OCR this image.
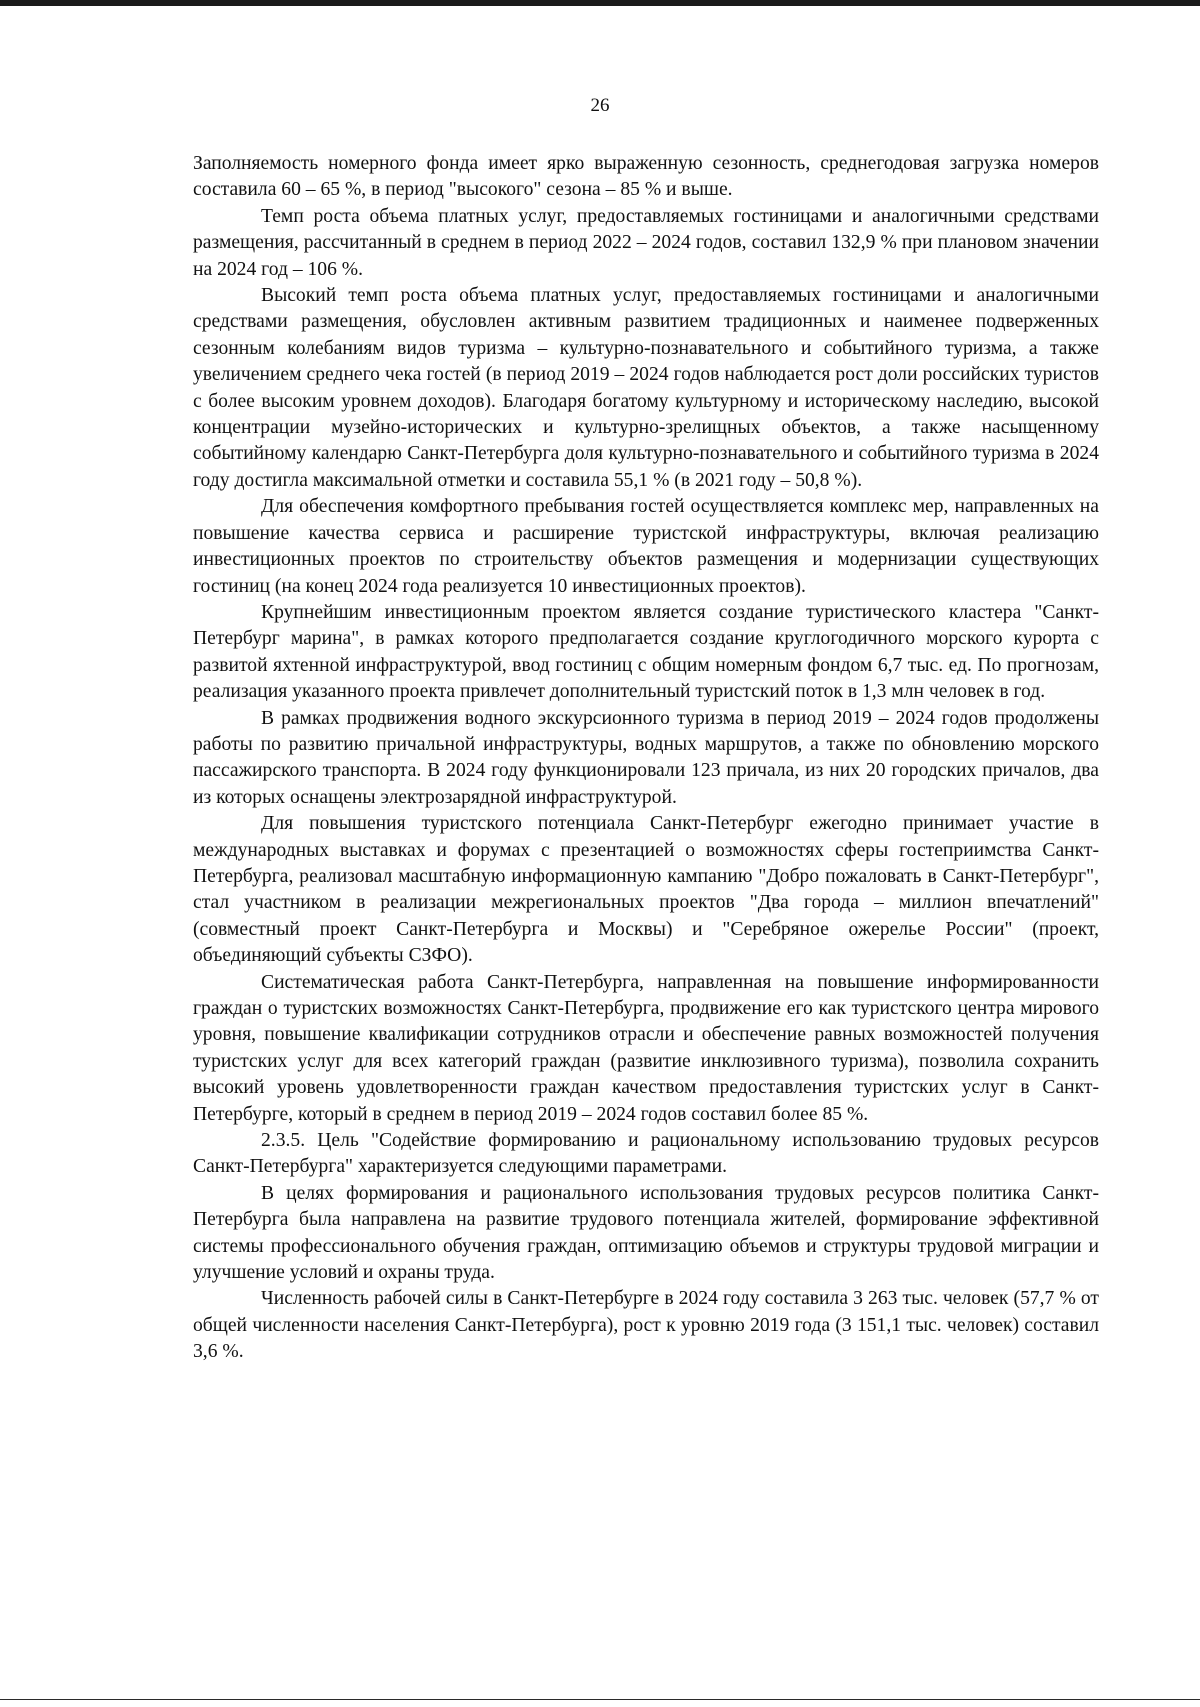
26

Заполняемость номерного фонда имеет ярко выраженную сезонность, среднегодовая загрузка номеров составила 60 – 65 %, в период "высокого" сезона – 85 % и выше.

Темп роста объема платных услуг, предоставляемых гостиницами и аналогичными средствами размещения, рассчитанный в среднем в период 2022 – 2024 годов, составил 132,9 % при плановом значении на 2024 год – 106 %.

Высокий темп роста объема платных услуг, предоставляемых гостиницами и аналогичными средствами размещения, обусловлен активным развитием традиционных и наименее подверженных сезонным колебаниям видов туризма – культурно-познавательного и событийного туризма, а также увеличением среднего чека гостей (в период 2019 – 2024 годов наблюдается рост доли российских туристов с более высоким уровнем доходов). Благодаря богатому культурному и историческому наследию, высокой концентрации музейно-исторических и культурно-зрелищных объектов, а также насыщенному событийному календарю Санкт-Петербурга доля культурно-познавательного и событийного туризма в 2024 году достигла максимальной отметки и составила 55,1 % (в 2021 году – 50,8 %).

Для обеспечения комфортного пребывания гостей осуществляется комплекс мер, направленных на повышение качества сервиса и расширение туристской инфраструктуры, включая реализацию инвестиционных проектов по строительству объектов размещения и модернизации существующих гостиниц (на конец 2024 года реализуется 10 инвестиционных проектов).

Крупнейшим инвестиционным проектом является создание туристического кластера "Санкт-Петербург марина", в рамках которого предполагается создание круглогодичного морского курорта с развитой яхтенной инфраструктурой, ввод гостиниц с общим номерным фондом 6,7 тыс. ед. По прогнозам, реализация указанного проекта привлечет дополнительный туристский поток в 1,3 млн человек в год.

В рамках продвижения водного экскурсионного туризма в период 2019 – 2024 годов продолжены работы по развитию причальной инфраструктуры, водных маршрутов, а также по обновлению морского пассажирского транспорта. В 2024 году функционировали 123 причала, из них 20 городских причалов, два из которых оснащены электрозарядной инфраструктурой.

Для повышения туристского потенциала Санкт-Петербург ежегодно принимает участие в международных выставках и форумах с презентацией о возможностях сферы гостеприимства Санкт-Петербурга, реализовал масштабную информационную кампанию "Добро пожаловать в Санкт-Петербург", стал участником в реализации межрегиональных проектов "Два города – миллион впечатлений" (совместный проект Санкт-Петербурга и Москвы) и "Серебряное ожерелье России" (проект, объединяющий субъекты СЗФО).

Систематическая работа Санкт-Петербурга, направленная на повышение информированности граждан о туристских возможностях Санкт-Петербурга, продвижение его как туристского центра мирового уровня, повышение квалификации сотрудников отрасли и обеспечение равных возможностей получения туристских услуг для всех категорий граждан (развитие инклюзивного туризма), позволила сохранить высокий уровень удовлетворенности граждан качеством предоставления туристских услуг в Санкт-Петербурге, который в среднем в период 2019 – 2024 годов составил более 85 %.

2.3.5. Цель "Содействие формированию и рациональному использованию трудовых ресурсов Санкт-Петербурга" характеризуется следующими параметрами.

В целях формирования и рационального использования трудовых ресурсов политика Санкт-Петербурга была направлена на развитие трудового потенциала жителей, формирование эффективной системы профессионального обучения граждан, оптимизацию объемов и структуры трудовой миграции и улучшение условий и охраны труда.

Численность рабочей силы в Санкт-Петербурге в 2024 году составила 3 263 тыс. человек (57,7 % от общей численности населения Санкт-Петербурга), рост к уровню 2019 года (3 151,1 тыс. человек) составил 3,6 %.
